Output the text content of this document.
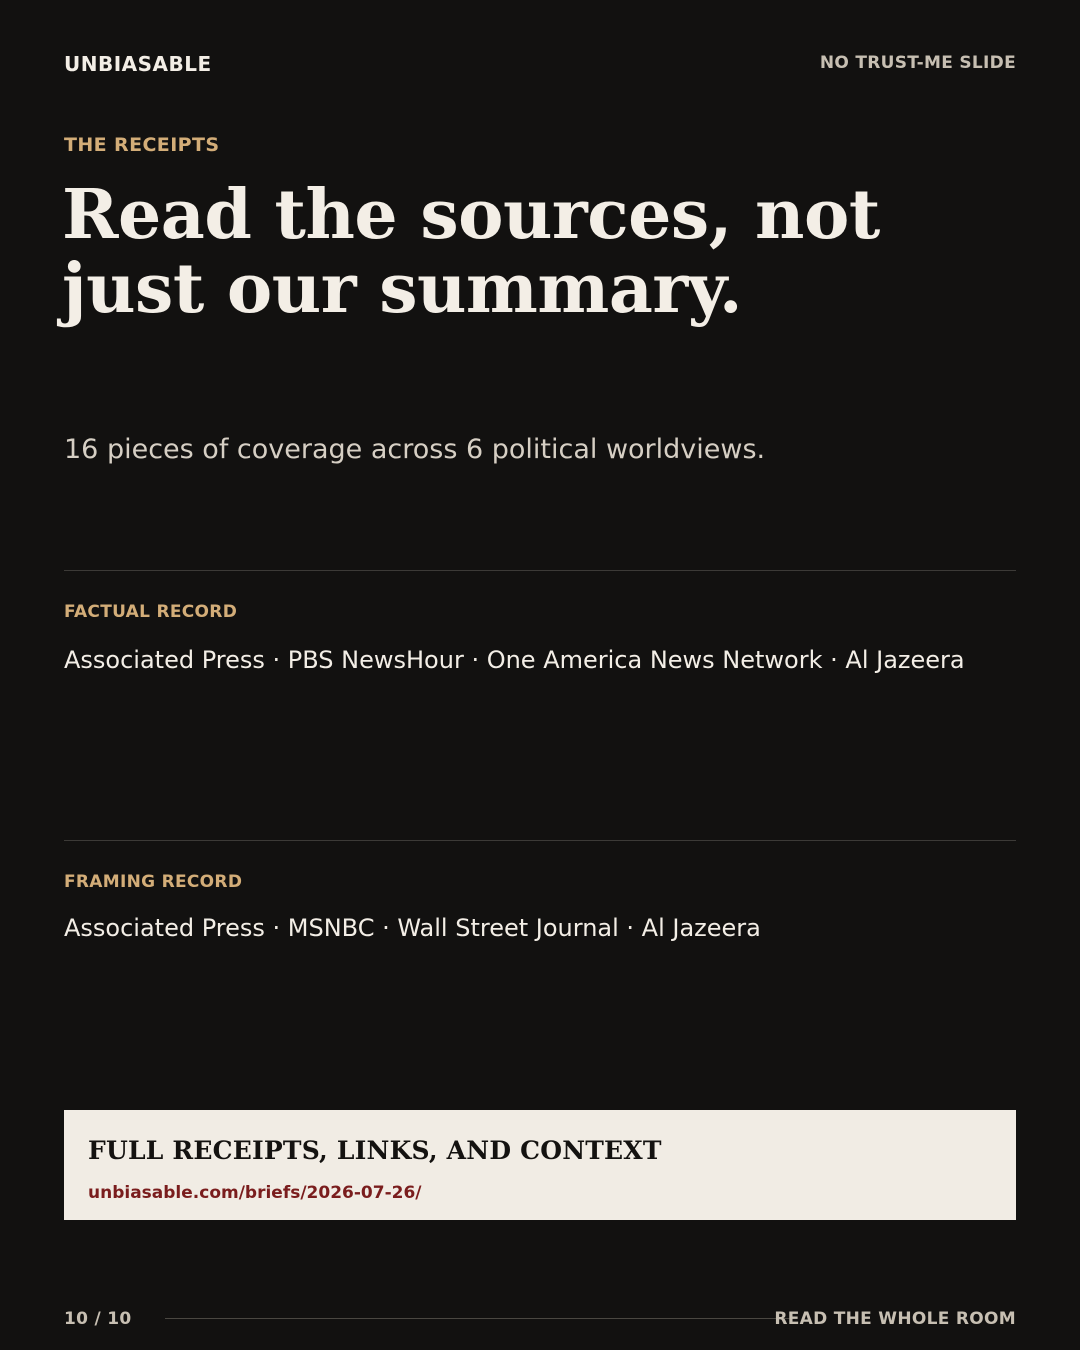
UNBIASABLE	NO TRUST-ME SLIDE
THE RECEIPTS
Read the sources, not
just our summary.
16 pieces of coverage across 6 political worldviews.
FACTUAL RECORD
Associated Press · PBS NewsHour · One America News Network · Al Jazeera
FRAMING RECORD
Associated Press · MSNBC · Wall Street Journal · Al Jazeera
FULL RECEIPTS, LINKS, AND CONTEXT
unbiasable.com/briefs/2026-07-26/
10 / 10	READ THE WHOLE ROOM
